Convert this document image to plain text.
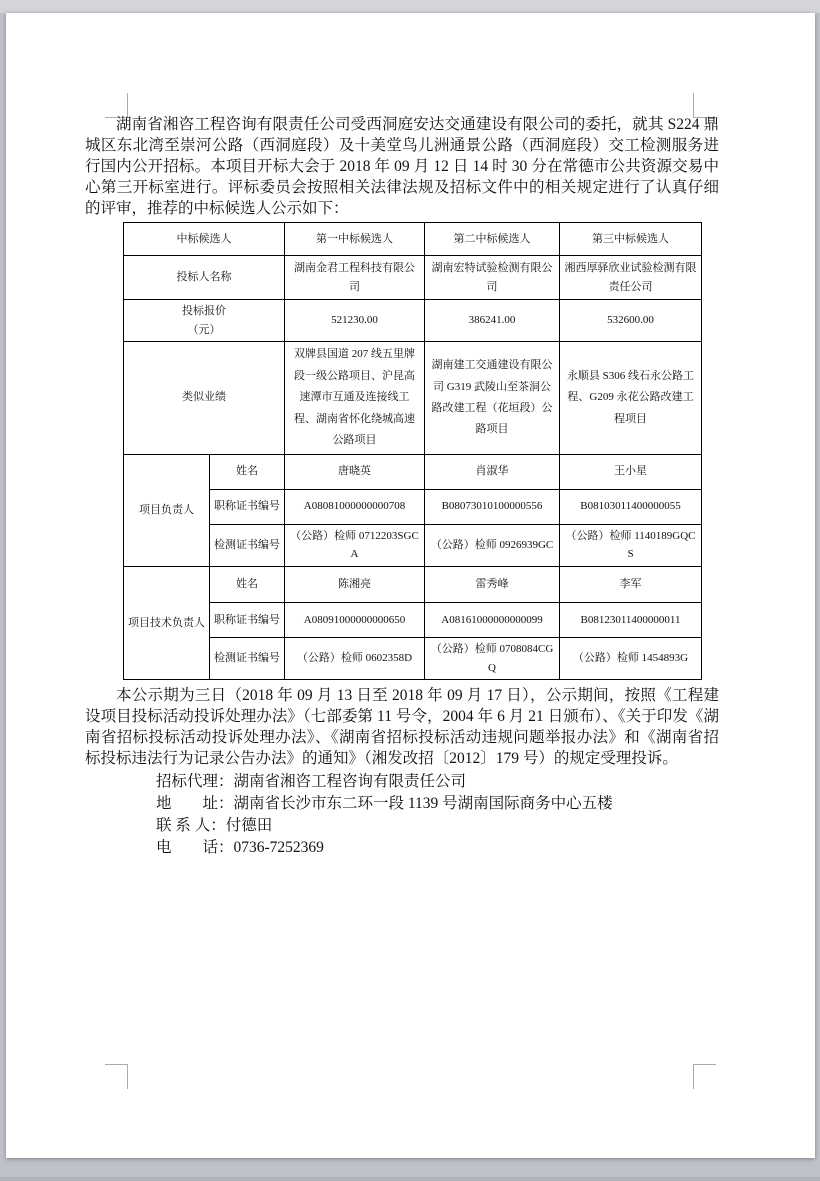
湖南省湘咨工程咨询有限责任公司受西洞庭安达交通建设有限公司的委托，就其 S224 鼎城区东北湾至崇河公路（西洞庭段）及十美堂鸟儿洲通景公路（西洞庭段）交工检测服务进行国内公开招标。本项目开标大会于 2018 年 09 月 12 日 14 时 30 分在常德市公共资源交易中心第三开标室进行。评标委员会按照相关法律法规及招标文件中的相关规定进行了认真仔细的评审，推荐的中标候选人公示如下：

中标候选人		第一中标候选人	第二中标候选人	第三中标候选人
投标人名称		湖南金君工程科技有限公司	湖南宏特试验检测有限公司	湘西厚驿欣业试验检测有限责任公司

投标报价
（元）		521230.00	386241.00	532600.00
类似业绩		双牌县国道 207 线五里牌段一级公路项目、沪昆高速潭市互通及连接线工程、湖南省怀化绕城高速公路项目	湖南建工交通建设有限公司 G319 武陵山至茶洞公路改建工程（花垣段）公路项目	永顺县 S306 线石永公路工程、G209 永花公路改建工程项目
项目负责人	姓名	唐晓英	肖淑华	王小星
	职称证书编号	A08081000000000708	B08073010100000556	B08103011400000055
	检测证书编号	（公路）检师 0712203SGCA	（公路）检师 0926939GC	（公路）检师 1140189GQCS
项目技术负责人	姓名	陈湘亮	雷秀峰	李军
	职称证书编号	A08091000000000650	A08161000000000099	B08123011400000011
	检测证书编号	（公路）检师 0602358D	（公路）检师 0708084CGQ	（公路）检师 1454893G

本公示期为三日（2018 年 09 月 13 日至 2018 年 09 月 17 日），公示期间，按照《工程建设项目投标活动投诉处理办法》（七部委第 11 号令，2004 年 6 月 21 日颁布）、《关于印发《湖南省招标投标活动投诉处理办法》、《湖南省招标投标活动违规问题举报办法》和《湖南省招标投标违法行为记录公告办法》的通知》（湘发改招〔2012〕179 号）的规定受理投诉。

招标代理：湖南省湘咨工程咨询有限责任公司
地　　址：湖南省长沙市东二环一段 1139 号湖南国际商务中心五楼
联 系 人：付德田
电　　话：0736-7252369
